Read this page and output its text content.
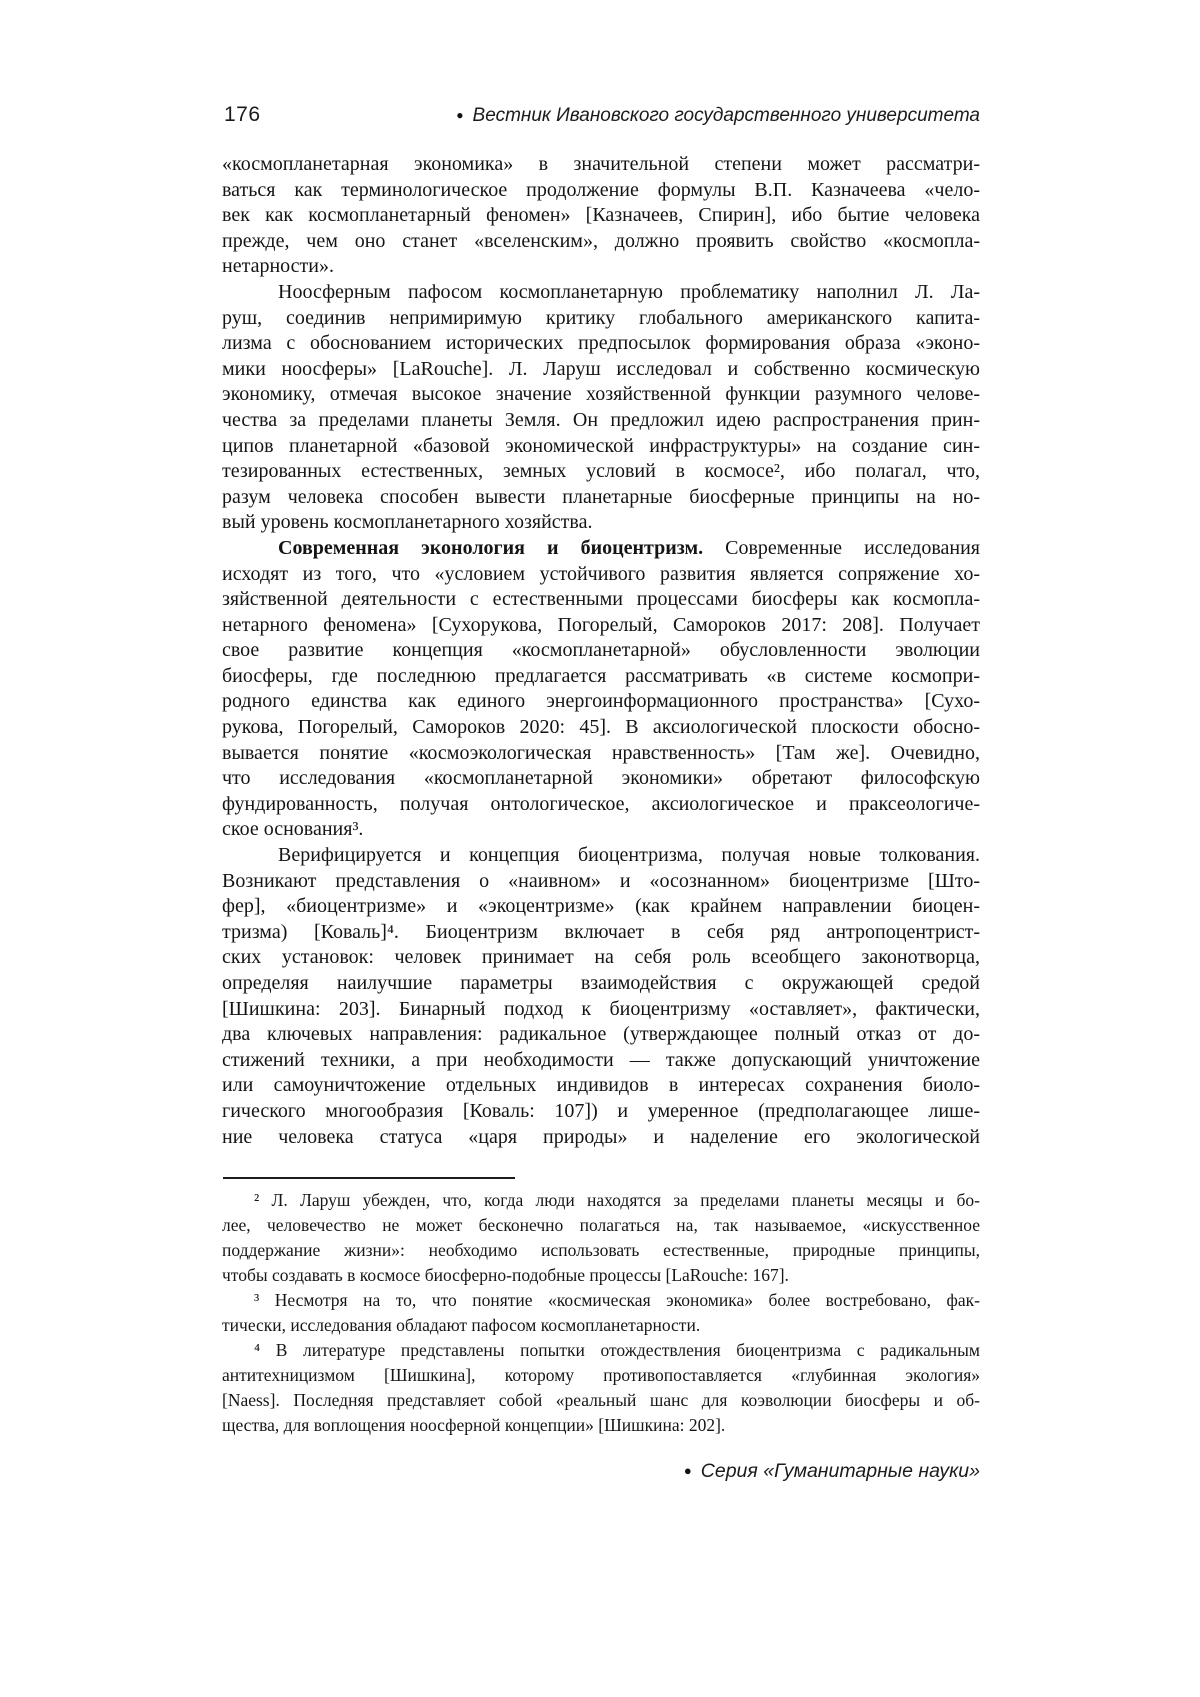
176	● Вестник Ивановского государственного университета
«космопланетарная экономика» в значительной степени может рассматри-
ваться как терминологическое продолжение формулы В.П. Казначеева «чело-
век как космопланетарный феномен» [Казначеев, Спирин], ибо бытие человека
прежде, чем оно станет «вселенским», должно проявить свойство «космопла-
нетарности».
Ноосферным пафосом космопланетарную проблематику наполнил Л. Ла-
руш, соединив непримиримую критику глобального американского капита-
лизма с обоснованием исторических предпосылок формирования образа «эконо-
мики ноосферы» [LaRouche]. Л. Ларуш исследовал и собственно космическую
экономику, отмечая высокое значение хозяйственной функции разумного челове-
чества за пределами планеты Земля. Он предложил идею распространения прин-
ципов планетарной «базовой экономической инфраструктуры» на создание син-
тезированных естественных, земных условий в космосе², ибо полагал, что,
разум человека способен вывести планетарные биосферные принципы на но-
вый уровень космопланетарного хозяйства.
Современная эконология и биоцентризм. Современные исследования
исходят из того, что «условием устойчивого развития является сопряжение хо-
зяйственной деятельности с естественными процессами биосферы как космопла-
нетарного феномена» [Сухорукова, Погорелый, Самороков 2017: 208]. Получает
свое развитие концепция «космопланетарной» обусловленности эволюции
биосферы, где последнюю предлагается рассматривать «в системе космопри-
родного единства как единого энергоинформационного пространства» [Сухо-
рукова, Погорелый, Самороков 2020: 45]. В аксиологической плоскости обосно-
вывается понятие «космоэкологическая нравственность» [Там же]. Очевидно,
что исследования «космопланетарной экономики» обретают философскую
фундированность, получая онтологическое, аксиологическое и праксеологиче-
ское основания³.
Верифицируется и концепция биоцентризма, получая новые толкования.
Возникают представления о «наивном» и «осознанном» биоцентризме [Што-
фер], «биоцентризме» и «экоцентризме» (как крайнем направлении биоцен-
тризма) [Коваль]⁴. Биоцентризм включает в себя ряд антропоцентрист-
ских установок: человек принимает на себя роль всеобщего законотворца,
определяя наилучшие параметры взаимодействия с окружающей средой
[Шишкина: 203]. Бинарный подход к биоцентризму «оставляет», фактически,
два ключевых направления: радикальное (утверждающее полный отказ от до-
стижений техники, а при необходимости — также допускающий уничтожение
или самоуничтожение отдельных индивидов в интересах сохранения биоло-
гического многообразия [Коваль: 107]) и умеренное (предполагающее лише-
ние человека статуса «царя природы» и наделение его экологической
² Л. Ларуш убежден, что, когда люди находятся за пределами планеты месяцы и бо-
лее, человечество не может бесконечно полагаться на, так называемое, «искусственное
поддержание жизни»: необходимо использовать естественные, природные принципы,
чтобы создавать в космосе биосферно-подобные процессы [LaRouche: 167].
³ Несмотря на то, что понятие «космическая экономика» более востребовано, фак-
тически, исследования обладают пафосом космопланетарности.
⁴ В литературе представлены попытки отождествления биоцентризма с радикальным
антитехницизмом [Шишкина], которому противопоставляется «глубинная экология»
[Naess]. Последняя представляет собой «реальный шанс для коэволюции биосферы и об-
щества, для воплощения ноосферной концепции» [Шишкина: 202].
● Серия «Гуманитарные науки»
